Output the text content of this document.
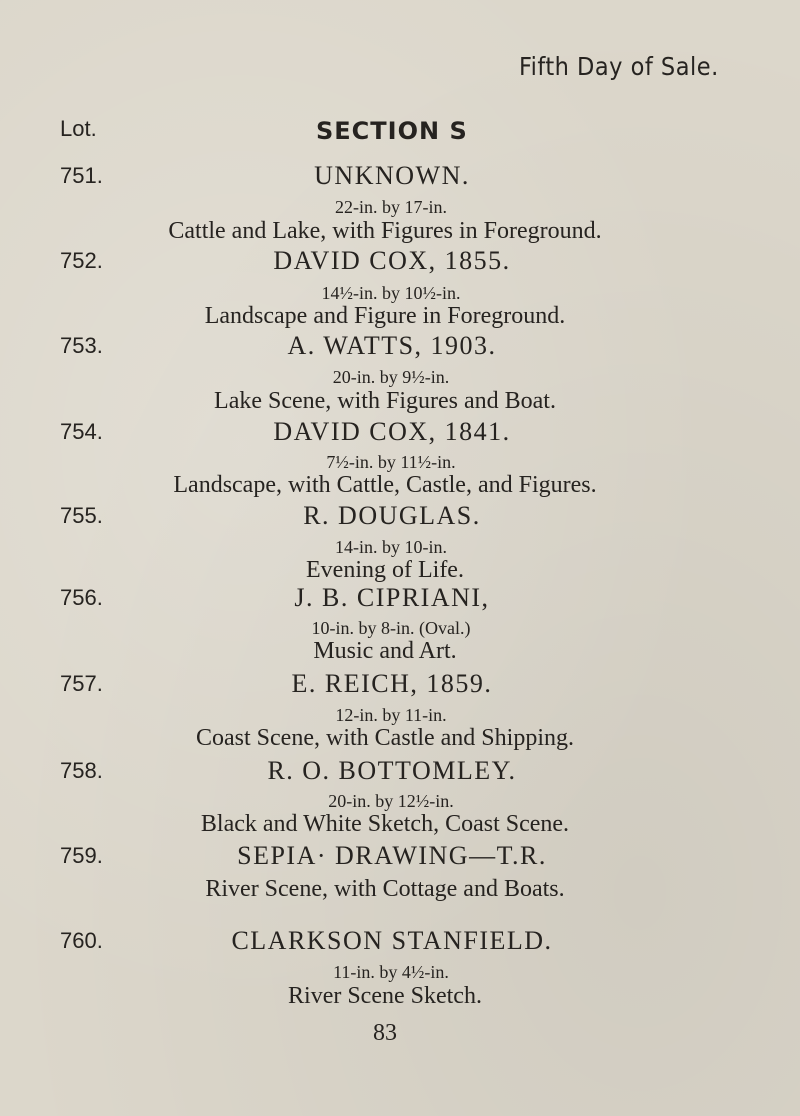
Fifth Day of Sale.
Lot.	SECTION S
751.	UNKNOWN.
22-in. by 17-in.
Cattle and Lake, with Figures in Foreground.
752.	DAVID COX, 1855.
14½-in. by 10½-in.
Landscape and Figure in Foreground.
753.	A. WATTS, 1903.
20-in. by 9½-in.
Lake Scene, with Figures and Boat.
754.	DAVID COX, 1841.
7½-in. by 11½-in.
Landscape, with Cattle, Castle, and Figures.
755.	R. DOUGLAS.
14-in. by 10-in.
Evening of Life.
756.	J. B. CIPRIANI,
10-in. by 8-in. (Oval.)
Music and Art.
757.	E. REICH, 1859.
12-in. by 11-in.
Coast Scene, with Castle and Shipping.
758.	R. O. BOTTOMLEY.
20-in. by 12½-in.
Black and White Sketch, Coast Scene.
759.	SEPIA· DRAWING—T.R.
River Scene, with Cottage and Boats.
760.	CLARKSON STANFIELD.
11-in. by 4½-in.
River Scene Sketch.
83
